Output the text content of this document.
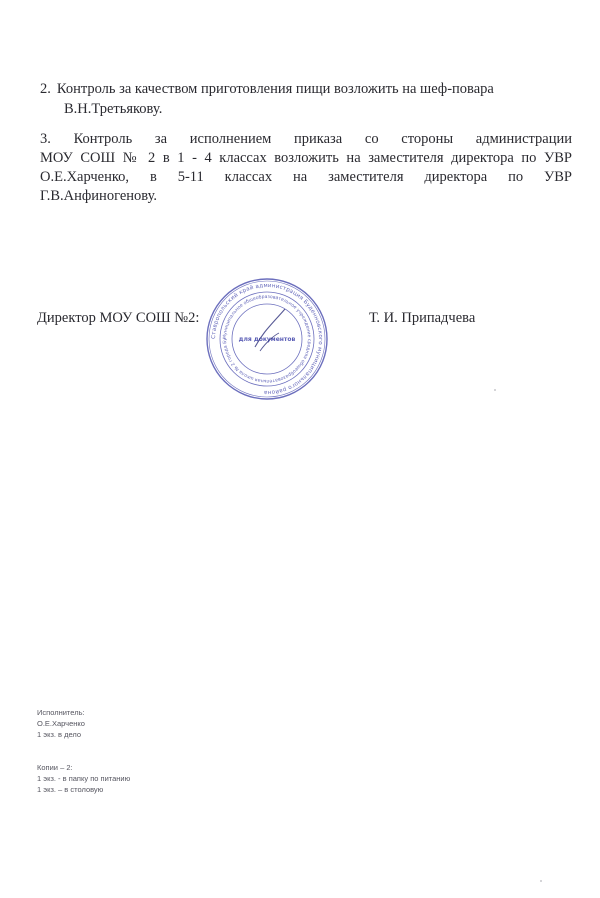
2. Контроль за качеством приготовления пищи возложить на шеф-повара
В.Н.Третьякову.
3. Контроль за исполнением приказа со стороны администрации
МОУ СОШ № 2 в 1 - 4 классах возложить на заместителя директора по УВР
О.Е.Харченко, в 5-11 классах на заместителя директора по УВР
Г.В.Анфиногенову.
Директор МОУ СОШ №2:
Ставропольский край администрация Буденновского муниципального района
Муниципальное общеобразовательное учреждение средняя общеобразовательная школа № 2 города Бу	для документов
Т. И. Припадчева
Исполнитель:
О.Е.Харченко
1 экз. в дело
Копии – 2:
1 экз. - в папку по питанию
1 экз. – в столовую
